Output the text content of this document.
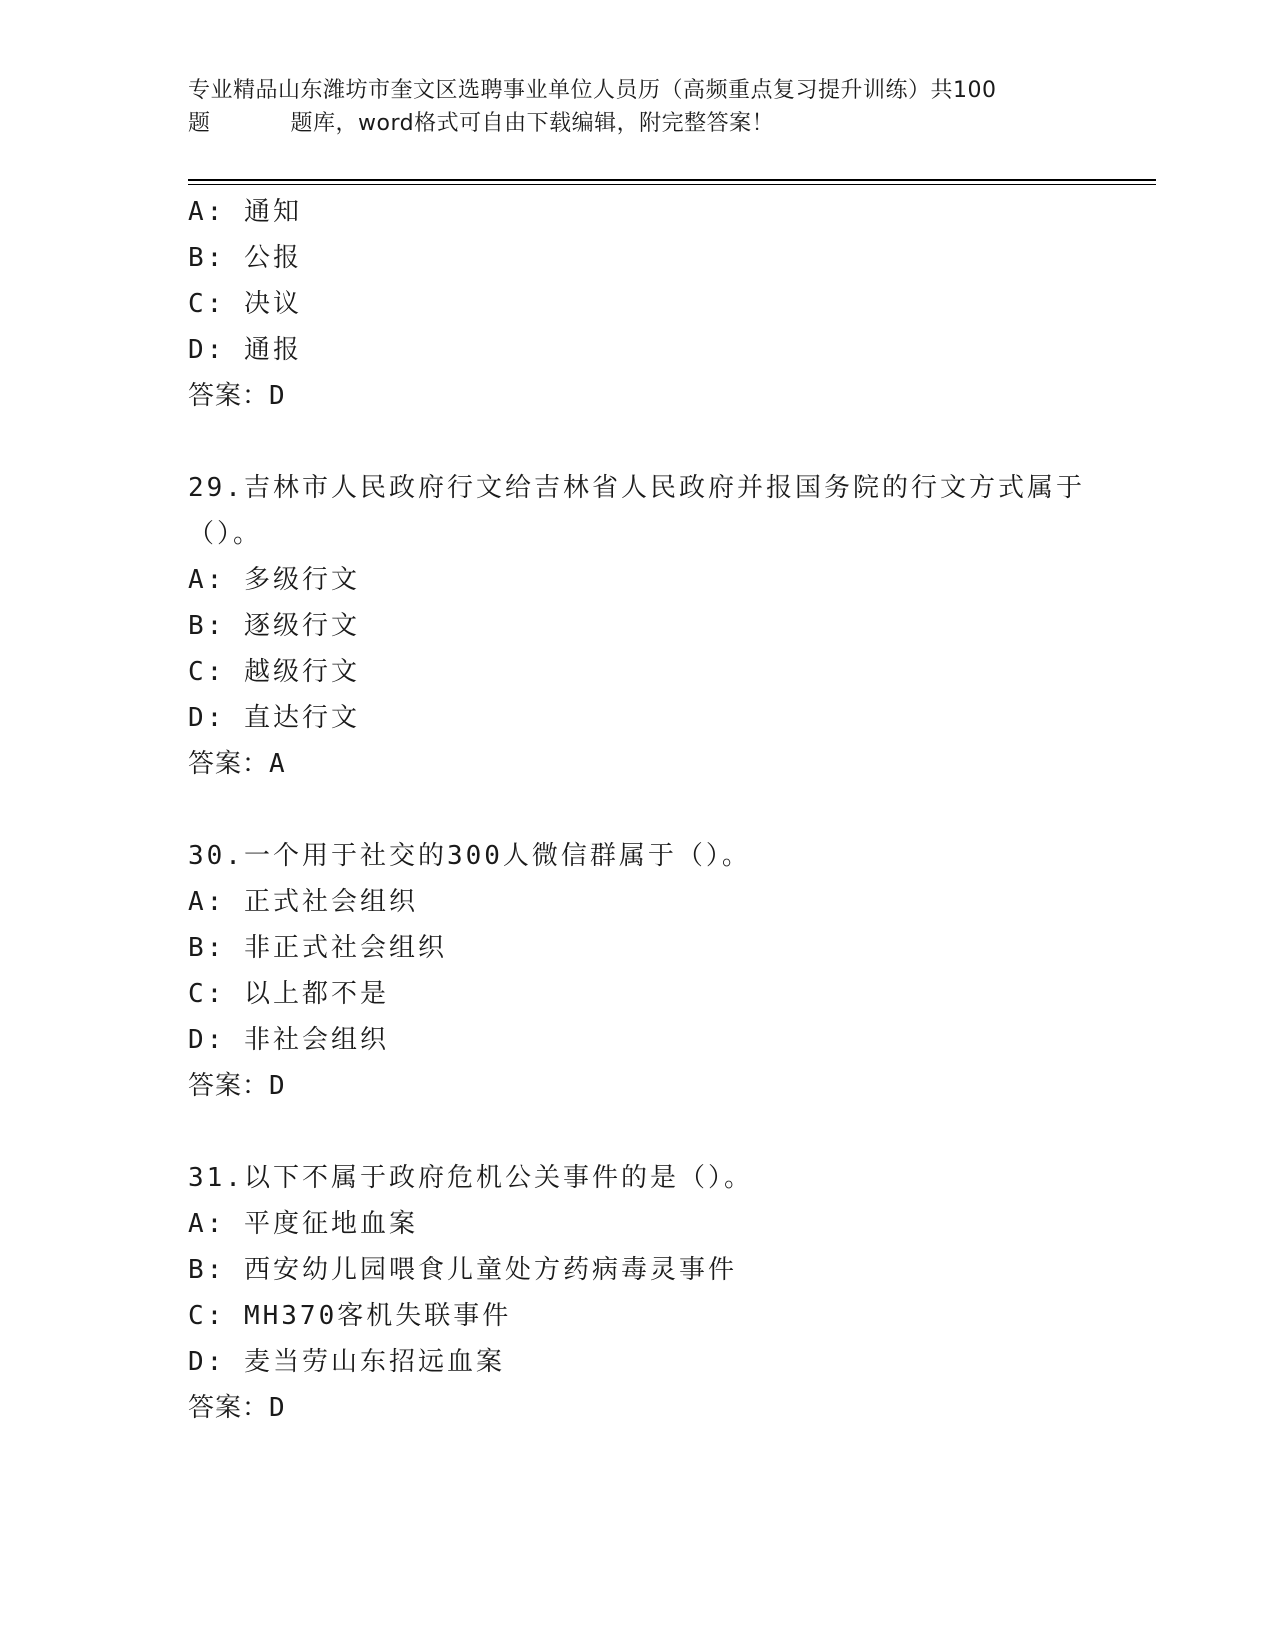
专业精品山东潍坊市奎文区选聘事业单位人员历（高频重点复习提升训练）共100
题	题库，word格式可自由下载编辑，附完整答案！
A: 通知
B: 公报
C: 决议
D: 通报
答案：D
29.吉林市人民政府行文给吉林省人民政府并报国务院的行文方式属于
（）。
A: 多级行文
B: 逐级行文
C: 越级行文
D: 直达行文
答案：A
30.一个用于社交的300人微信群属于（）。
A: 正式社会组织
B: 非正式社会组织
C: 以上都不是
D: 非社会组织
答案：D
31.以下不属于政府危机公关事件的是（）。
A: 平度征地血案
B: 西安幼儿园喂食儿童处方药病毒灵事件
C: MH370客机失联事件
D: 麦当劳山东招远血案
答案：D
